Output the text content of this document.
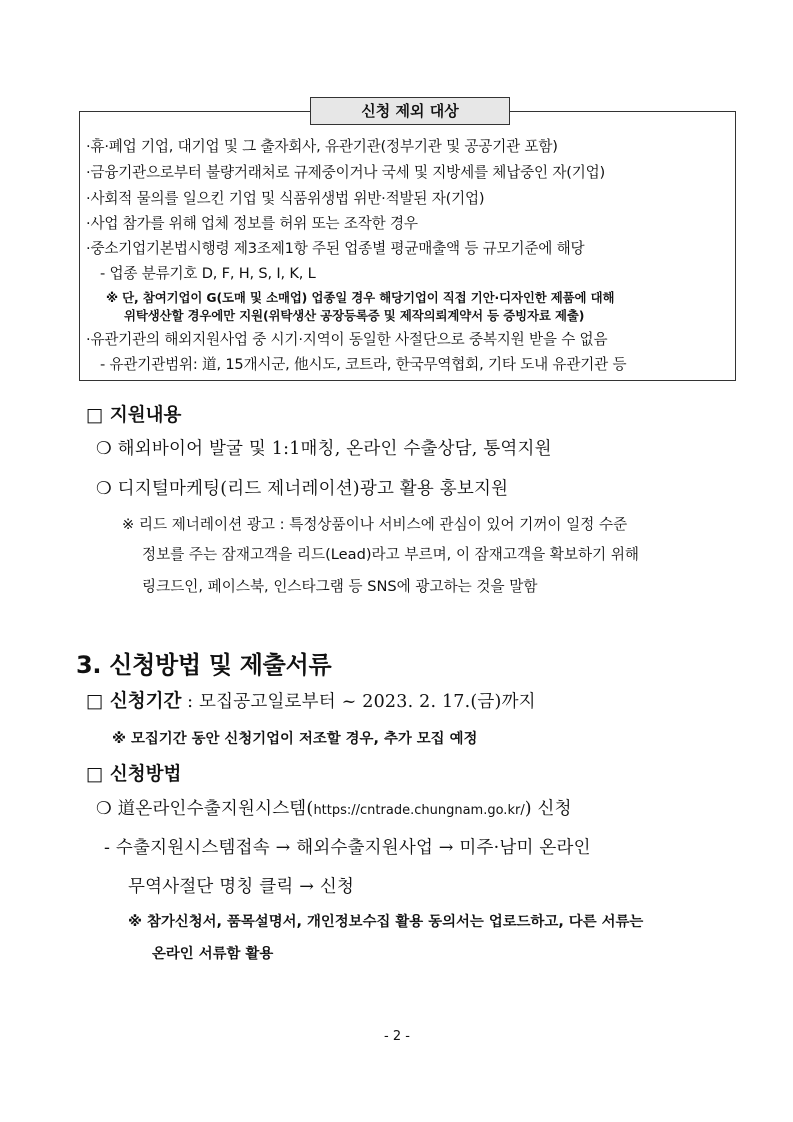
신청 제외 대상
·휴·폐업 기업, 대기업 및 그 출자회사, 유관기관(정부기관 및 공공기관 포함)
·금융기관으로부터 불량거래처로 규제중이거나 국세 및 지방세를 체납중인 자(기업)
·사회적 물의를 일으킨 기업 및 식품위생법 위반·적발된 자(기업)
·사업 참가를 위해 업체 정보를 허위 또는 조작한 경우
·중소기업기본법시행령 제3조제1항 주된 업종별 평균매출액 등 규모기준에 해당
- 업종 분류기호 D, F, H, S, I, K, L
※ 단, 참여기업이 G(도매 및 소매업) 업종일 경우 해당기업이 직접 기안·디자인한 제품에 대해
위탁생산할 경우에만 지원(위탁생산 공장등록증 및 제작의뢰계약서 등 증빙자료 제출)
·유관기관의 해외지원사업 중 시기·지역이 동일한 사절단으로 중복지원 받을 수 없음
- 유관기관범위: 道, 15개시군, 他시도, 코트라, 한국무역협회, 기타 도내 유관기관 등
□ 지원내용
❍ 해외바이어 발굴 및 1:1매칭, 온라인 수출상담, 통역지원
❍ 디지털마케팅(리드 제너레이션)광고 활용 홍보지원
※ 리드 제너레이션 광고 : 특정상품이나 서비스에 관심이 있어 기꺼이 일정 수준
정보를 주는 잠재고객을 리드(Lead)라고 부르며, 이 잠재고객을 확보하기 위해
링크드인, 페이스북, 인스타그램 등 SNS에 광고하는 것을 말함
3. 신청방법 및 제출서류
□ 신청기간 : 모집공고일로부터 ~ 2023. 2. 17.(금)까지
※ 모집기간 동안 신청기업이 저조할 경우, 추가 모집 예정
□ 신청방법
❍ 道온라인수출지원시스템(https://cntrade.chungnam.go.kr/) 신청
- 수출지원시스템접속 → 해외수출지원사업 → 미주·남미 온라인
무역사절단 명칭 클릭 → 신청
※ 참가신청서, 품목설명서, 개인정보수집 활용 동의서는 업로드하고, 다른 서류는
온라인 서류함 활용
- 2 -
